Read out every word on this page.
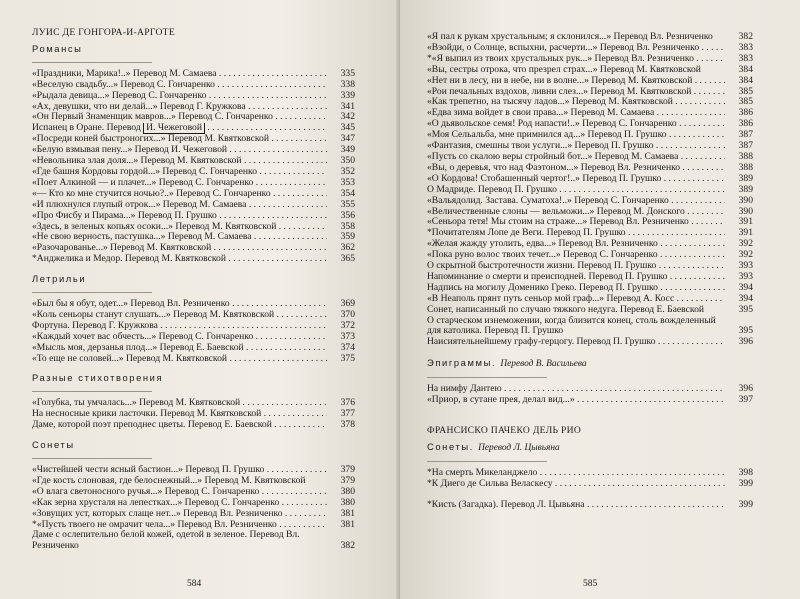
ЛУИС ДЕ ГОНГОРА-И-АРГОТЕ
Романсы
«Праздники, Марика!..» Перевод М. Самаева . . .	335
«Веселую свадьбу...» Перевод С. Гончаренко . . .	338
«Рыдала девица...» Перевод С. Гончаренко . . .	339
«Ах, девушки, что ни делай...» Перевод Г. Кружкова . . .	341
«Он Первый Знаменщик мавров...» Перевод С. Гончаренко . . .	342
Испанец в Оране. Перевод И. Чежеговой . . .	345
«Посреди коней быстроногих...» Перевод М. Квятковской . . .	347
«Белую взмывая пену...» Перевод И. Чежеговой . . .	349
«Невольника злая доля...» Перевод М. Квятковской . . .	350
«Где башня Кордовы гордой...» Перевод С. Гончаренко . . .	352
«Поет Алкиной — и плачет...» Перевод С. Гончаренко . . .	353
«— Кто ко мне стучится ночью?..» Перевод С. Гончаренко . . .	354
«И плюхнулся глупый отрок...» Перевод М. Самаева . . .	355
«Про Фисбу и Пирама...» Перевод П. Грушко . . .	356
«Здесь, в зеленых копьях осоки...» Перевод М. Квятковской . . .	358
«Не свою верность, пастушка...» Перевод М. Самаева . . .	359
«Разочарованье...» Перевод М. Квятковской . . .	362
*Анджелика и Медор. Перевод М. Квятковской . . .	365
Летрильи
«Был бы я обут, одет...» Перевод Вл. Резниченко . . .	369
«Коль сеньоры станут слушать...» Перевод М. Квятковской . . .	370
Фортуна. Перевод Г. Кружкова . . .	372
«Каждый хочет вас обчесть...» Перевод С. Гончаренко . . .	373
«Мысль моя, дерзанья плод...» Перевод Е. Баевской . . .	374
«То еще не соловей...» Перевод М. Квятковской . . .	375
Разные стихотворения
«Голубка, ты умчалась...» Перевод М. Квятковской . . .	376
На несносные крики ласточки. Перевод М. Квятковской . . .	377
Даме, которой поэт преподнес цветы. Перевод Е. Баевской . . .	378
Сонеты
«Чистейшей чести ясный бастион...» Перевод П. Грушко . . .	379
«Где кость слоновая, где белоснежный...» Перевод М. Квятковской	379
«О влага светоносного ручья...» Перевод С. Гончаренко . . .	380
«Как зерна хрусталя на лепестках...» Перевод С. Гончаренко . . .	380
«Зовущих уст, которых слаще нет...» Перевод Вл. Резниченко . . .	381
*«Пусть твоего не омрачит чела...» Перевод Вл. Резниченко . . .	381
Даме с ослепительно белой кожей, одетой в зеленое. Перевод Вл. Резниченко	382
584
«Я пал к рукам хрустальным; я склонился...» Перевод Вл. Резниченко	382
«Взойди, о Солнце, вспыхни, расчерти...» Перевод Вл. Резниченко . . .	383
*«Я выпил из твоих хрустальных рук...» Перевод Вл. Резниченко . . .	383
«Вы, сестры отрока, что презрел страх...» Перевод М. Квятковской	384
«Нет ни в лесу, ни в небе, ни в волне...» Перевод М. Квятковской . . .	384
«Рои печальных вздохов, ливни слез...» Перевод М. Квятковской . . .	385
«Как трепетно, на тысячу ладов...» Перевод М. Квятковской . . .	385
«Едва зима войдет в свои права...» Перевод М. Самаева . . .	386
«О дьявольское семя! Род напасти!..» Перевод С. Гончаренко . . .	386
«Моя Сельальба, мне примнился ад...» Перевод П. Грушко . . .	387
«Фантазия, смешны твои услуги...» Перевод П. Грушко . . .	387
«Пусть со скалою веры стройный бот...» Перевод М. Самаева . . .	388
«Вы, о деревья, что над Фаэтоном...» Перевод Вл. Резниченко . . .	388
«О Кордова! Стобашенный чертог!..» Перевод П. Грушко . . .	389
О Мадриде. Перевод П. Грушко . . .	389
«Вальядолид. Застава. Суматоха!..» Перевод С. Гончаренко . . .	390
«Величественные слоны — вельможи...» Перевод М. Донского . . .	390
«Сеньора тетя! Мы стоим на страже...» Перевод Вл. Резниченко . . .	391
*Почитателям Лопе де Веги. Перевод П. Грушко . . .	391
«Желая жажду утолить, едва...» Перевод Вл. Резниченко . . .	392
«Пока руно волос твоих течет...» Перевод С. Гончаренко . . .	392
О скрытной быстротечности жизни. Перевод П. Грушко . . .	393
Напоминание о смерти и преисподней. Перевод П. Грушко . . .	393
Надпись на могилу Доменико Греко. Перевод П. Грушко . . .	394
«В Неаполь прянт путь сеньор мой граф...» Перевод А. Косс . . .	394
Сонет, написанный по случаю тяжкого недуга. Перевод Е. Баевской	395
О старческом изнеможении, когда близится конец, столь вожделенный для католика. Перевод П. Грушко	395
Наисиятельнейшему графу-герцогу. Перевод П. Грушко . . .	396
Эпиграммы. Перевод В. Васильева
На нимфу Дантею . . .	396
«Приор, в сутане прея, делал вид...» . . .	397
ФРАНСИСКО ПАЧЕКО ДЕЛЬ РИО
Сонеты. Перевод Л. Цывьяна
*На смерть Микеланджело . . .	398
*К Диего де Сильва Веласкесу . . .	399
*Кисть (Загадка). Перевод Л. Цывьяна . . .	399
585
